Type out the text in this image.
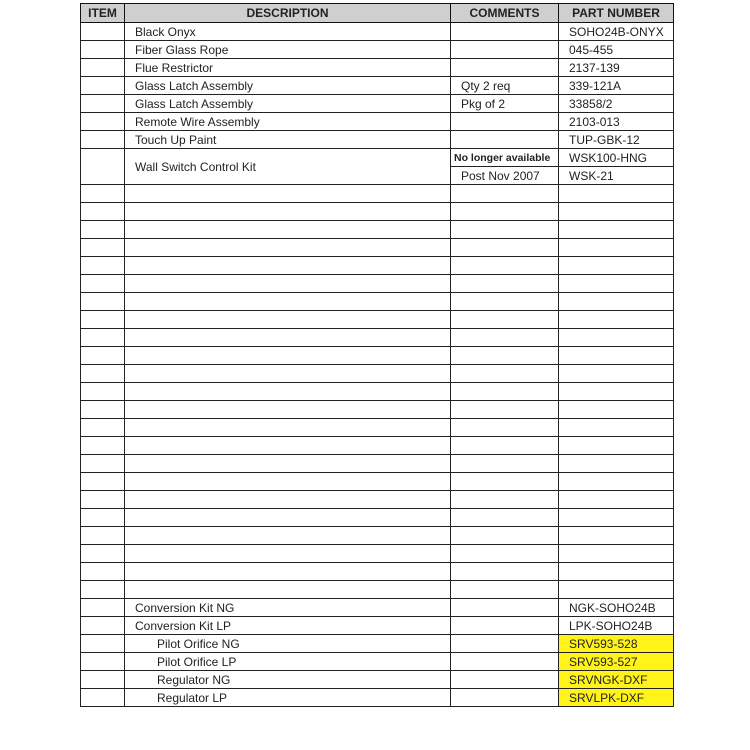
ITEM	DESCRIPTION	COMMENTS	PART NUMBER
	Black Onyx		SOHO24B-ONYX
	Fiber Glass Rope		045-455
	Flue Restrictor		2137-139
	Glass Latch Assembly	Qty 2 req	339-121A
	Glass Latch Assembly	Pkg of 2	33858/2
	Remote Wire Assembly		2103-013
	Touch Up Paint		TUP-GBK-12
	Wall Switch Control Kit	No longer available	WSK100-HNG
		Post Nov 2007	WSK-21

	Conversion Kit NG		NGK-SOHO24B
	Conversion Kit LP		LPK-SOHO24B
	Pilot Orifice NG		SRV593-528
	Pilot Orifice LP		SRV593-527
	Regulator NG		SRVNGK-DXF
	Regulator LP		SRVLPK-DXF
